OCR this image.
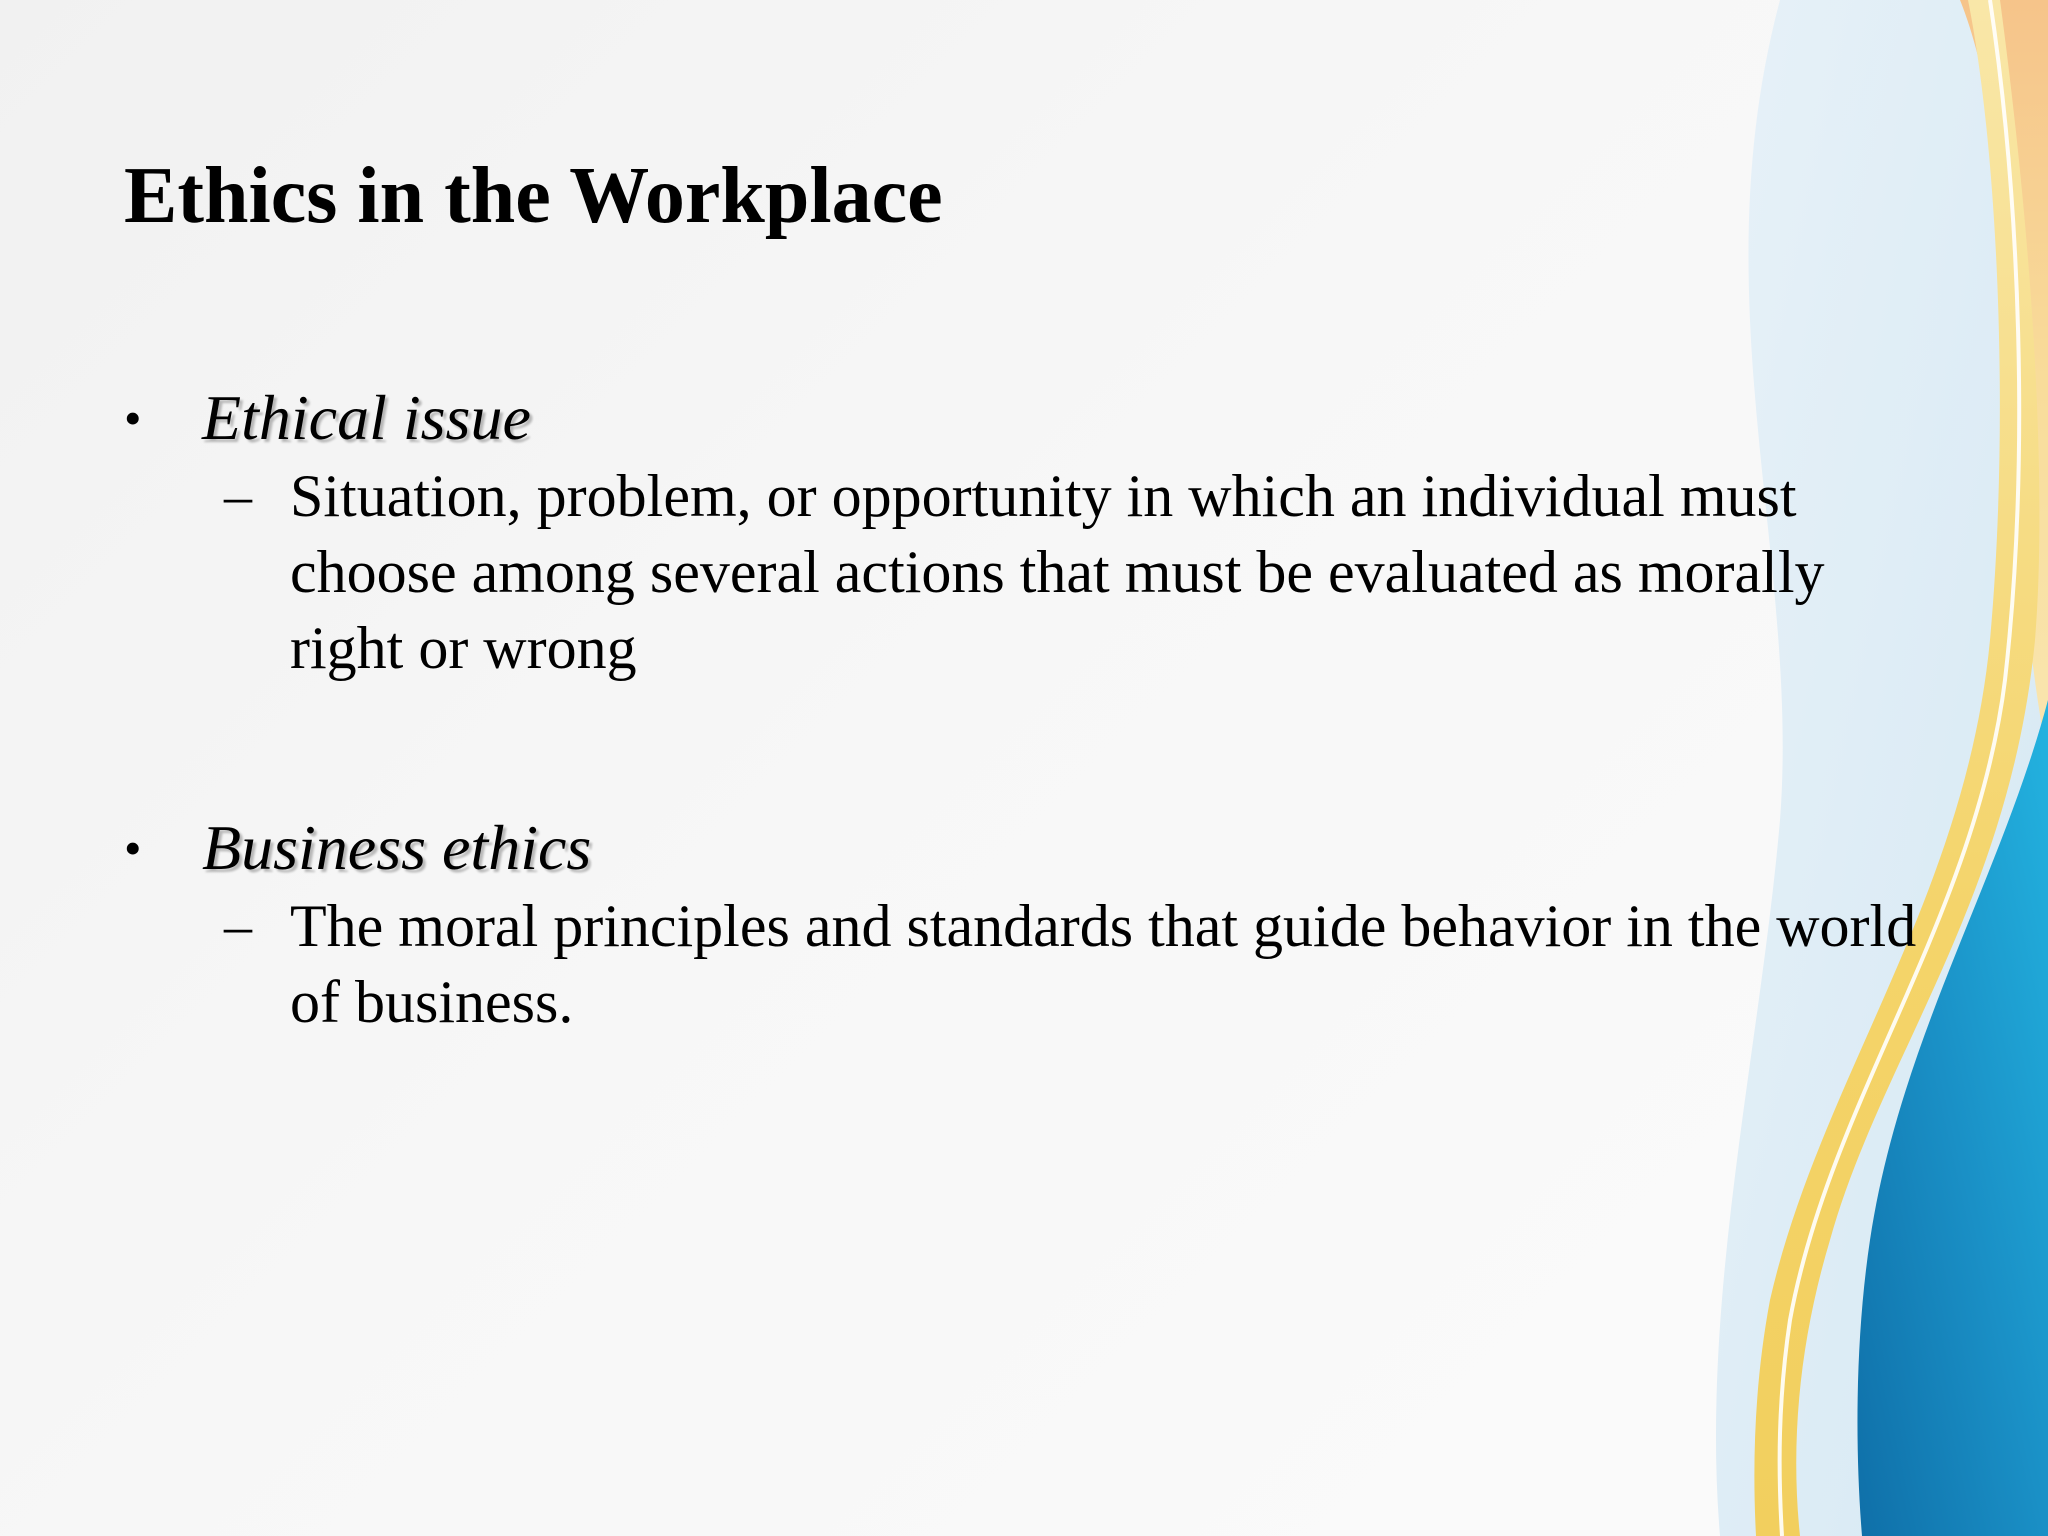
Ethics in the Workplace
• Ethical issue
– Situation, problem, or opportunity in which an individual must choose among several actions that must be evaluated as morally right or wrong
• Business ethics
– The moral principles and standards that guide behavior in the world of business.
